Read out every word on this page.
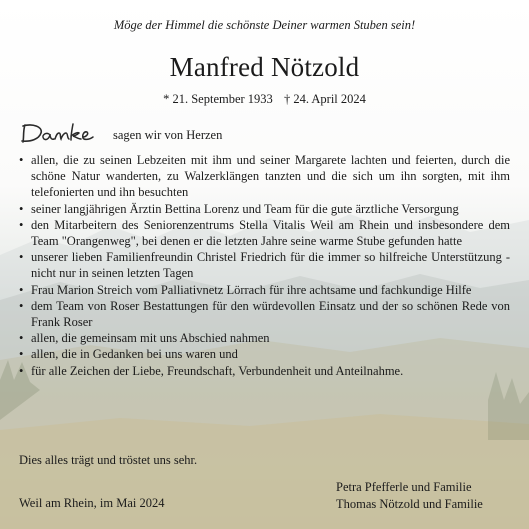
Möge der Himmel die schönste Deiner warmen Stuben sein!
Manfred Nötzold
* 21. September 1933 † 24. April 2024
sagen wir von Herzen
• allen, die zu seinen Lebzeiten mit ihm und seiner Margarete lachten und feierten, durch die schöne Natur wanderten, zu Walzerklängen tanzten und die sich um ihn sorgten, mit ihm telefonierten und ihn besuchten
• seiner langjährigen Ärztin Bettina Lorenz und Team für die gute ärztliche Versorgung
• den Mitarbeitern des Seniorenzentrums Stella Vitalis Weil am Rhein und insbesondere dem Team "Orangenweg", bei denen er die letzten Jahre seine warme Stube gefunden hatte
• unserer lieben Familienfreundin Christel Friedrich für die immer so hilfreiche Unterstützung - nicht nur in seinen letzten Tagen
• Frau Marion Streich vom Palliativnetz Lörrach für ihre achtsame und fachkundige Hilfe
• dem Team von Roser Bestattungen für den würdevollen Einsatz und der so schönen Rede von Frank Roser
• allen, die gemeinsam mit uns Abschied nahmen
• allen, die in Gedanken bei uns waren und
• für alle Zeichen der Liebe, Freundschaft, Verbundenheit und Anteilnahme.
Dies alles trägt und tröstet uns sehr.
Weil am Rhein, im Mai 2024
Petra Pfefferle und Familie
Thomas Nötzold und Familie
